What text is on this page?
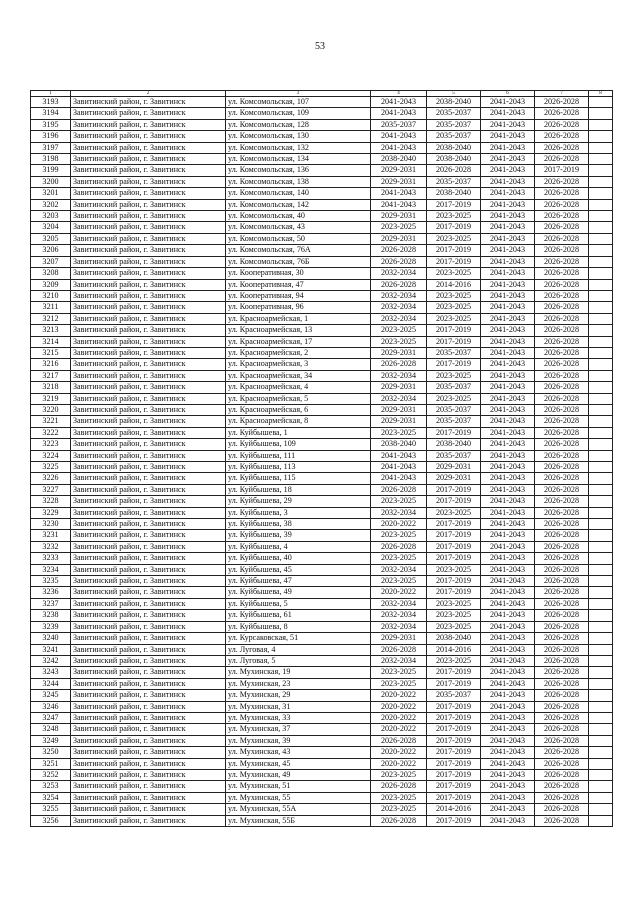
53
1	2	3	4	5	6	7	8
3193	Завитинский район, г. Завитинск	ул. Комсомольская, 107	2041-2043	2038-2040	2041-2043	2026-2028	
3194	Завитинский район, г. Завитинск	ул. Комсомольская, 109	2041-2043	2035-2037	2041-2043	2026-2028	
3195	Завитинский район, г. Завитинск	ул. Комсомольская, 128	2035-2037	2035-2037	2041-2043	2026-2028	
3196	Завитинский район, г. Завитинск	ул. Комсомольская, 130	2041-2043	2035-2037	2041-2043	2026-2028	
3197	Завитинский район, г. Завитинск	ул. Комсомольская, 132	2041-2043	2038-2040	2041-2043	2026-2028	
3198	Завитинский район, г. Завитинск	ул. Комсомольская, 134	2038-2040	2038-2040	2041-2043	2026-2028	
3199	Завитинский район, г. Завитинск	ул. Комсомольская, 136	2029-2031	2026-2028	2041-2043	2017-2019	
3200	Завитинский район, г. Завитинск	ул. Комсомольская, 138	2029-2031	2035-2037	2041-2043	2026-2028	
3201	Завитинский район, г. Завитинск	ул. Комсомольская, 140	2041-2043	2038-2040	2041-2043	2026-2028	
3202	Завитинский район, г. Завитинск	ул. Комсомольская, 142	2041-2043	2017-2019	2041-2043	2026-2028	
3203	Завитинский район, г. Завитинск	ул. Комсомольская, 40	2029-2031	2023-2025	2041-2043	2026-2028	
3204	Завитинский район, г. Завитинск	ул. Комсомольская, 43	2023-2025	2017-2019	2041-2043	2026-2028	
3205	Завитинский район, г. Завитинск	ул. Комсомольская, 50	2029-2031	2023-2025	2041-2043	2026-2028	
3206	Завитинский район, г. Завитинск	ул. Комсомольская, 76А	2026-2028	2017-2019	2041-2043	2026-2028	
3207	Завитинский район, г. Завитинск	ул. Комсомольская, 76Б	2026-2028	2017-2019	2041-2043	2026-2028	
3208	Завитинский район, г. Завитинск	ул. Кооперативная, 30	2032-2034	2023-2025	2041-2043	2026-2028	
3209	Завитинский район, г. Завитинск	ул. Кооперативная, 47	2026-2028	2014-2016	2041-2043	2026-2028	
3210	Завитинский район, г. Завитинск	ул. Кооперативная, 94	2032-2034	2023-2025	2041-2043	2026-2028	
3211	Завитинский район, г. Завитинск	ул. Кооперативная, 96	2032-2034	2023-2025	2041-2043	2026-2028	
3212	Завитинский район, г. Завитинск	ул. Красноармейская, 1	2032-2034	2023-2025	2041-2043	2026-2028	
3213	Завитинский район, г. Завитинск	ул. Красноармейская, 13	2023-2025	2017-2019	2041-2043	2026-2028	
3214	Завитинский район, г. Завитинск	ул. Красноармейская, 17	2023-2025	2017-2019	2041-2043	2026-2028	
3215	Завитинский район, г. Завитинск	ул. Красноармейская, 2	2029-2031	2035-2037	2041-2043	2026-2028	
3216	Завитинский район, г. Завитинск	ул. Красноармейская, 3	2026-2028	2017-2019	2041-2043	2026-2028	
3217	Завитинский район, г. Завитинск	ул. Красноармейская, 34	2032-2034	2023-2025	2041-2043	2026-2028	
3218	Завитинский район, г. Завитинск	ул. Красноармейская, 4	2029-2031	2035-2037	2041-2043	2026-2028	
3219	Завитинский район, г. Завитинск	ул. Красноармейская, 5	2032-2034	2023-2025	2041-2043	2026-2028	
3220	Завитинский район, г. Завитинск	ул. Красноармейская, 6	2029-2031	2035-2037	2041-2043	2026-2028	
3221	Завитинский район, г. Завитинск	ул. Красноармейская, 8	2029-2031	2035-2037	2041-2043	2026-2028	
3222	Завитинский район, г. Завитинск	ул. Куйбышева, 1	2023-2025	2017-2019	2041-2043	2026-2028	
3223	Завитинский район, г. Завитинск	ул. Куйбышева, 109	2038-2040	2038-2040	2041-2043	2026-2028	
3224	Завитинский район, г. Завитинск	ул. Куйбышева, 111	2041-2043	2035-2037	2041-2043	2026-2028	
3225	Завитинский район, г. Завитинск	ул. Куйбышева, 113	2041-2043	2029-2031	2041-2043	2026-2028	
3226	Завитинский район, г. Завитинск	ул. Куйбышева, 115	2041-2043	2029-2031	2041-2043	2026-2028	
3227	Завитинский район, г. Завитинск	ул. Куйбышева, 18	2026-2028	2017-2019	2041-2043	2026-2028	
3228	Завитинский район, г. Завитинск	ул. Куйбышева, 29	2023-2025	2017-2019	2041-2043	2026-2028	
3229	Завитинский район, г. Завитинск	ул. Куйбышева, 3	2032-2034	2023-2025	2041-2043	2026-2028	
3230	Завитинский район, г. Завитинск	ул. Куйбышева, 38	2020-2022	2017-2019	2041-2043	2026-2028	
3231	Завитинский район, г. Завитинск	ул. Куйбышева, 39	2023-2025	2017-2019	2041-2043	2026-2028	
3232	Завитинский район, г. Завитинск	ул. Куйбышева, 4	2026-2028	2017-2019	2041-2043	2026-2028	
3233	Завитинский район, г. Завитинск	ул. Куйбышева, 40	2023-2025	2017-2019	2041-2043	2026-2028	
3234	Завитинский район, г. Завитинск	ул. Куйбышева, 45	2032-2034	2023-2025	2041-2043	2026-2028	
3235	Завитинский район, г. Завитинск	ул. Куйбышева, 47	2023-2025	2017-2019	2041-2043	2026-2028	
3236	Завитинский район, г. Завитинск	ул. Куйбышева, 49	2020-2022	2017-2019	2041-2043	2026-2028	
3237	Завитинский район, г. Завитинск	ул. Куйбышева, 5	2032-2034	2023-2025	2041-2043	2026-2028	
3238	Завитинский район, г. Завитинск	ул. Куйбышева, 61	2032-2034	2023-2025	2041-2043	2026-2028	
3239	Завитинский район, г. Завитинск	ул. Куйбышева, 8	2032-2034	2023-2025	2041-2043	2026-2028	
3240	Завитинский район, г. Завитинск	ул. Курсаковская, 51	2029-2031	2038-2040	2041-2043	2026-2028	
3241	Завитинский район, г. Завитинск	ул. Луговая, 4	2026-2028	2014-2016	2041-2043	2026-2028	
3242	Завитинский район, г. Завитинск	ул. Луговая, 5	2032-2034	2023-2025	2041-2043	2026-2028	
3243	Завитинский район, г. Завитинск	ул. Мухинская, 19	2023-2025	2017-2019	2041-2043	2026-2028	
3244	Завитинский район, г. Завитинск	ул. Мухинская, 23	2023-2025	2017-2019	2041-2043	2026-2028	
3245	Завитинский район, г. Завитинск	ул. Мухинская, 29	2020-2022	2035-2037	2041-2043	2026-2028	
3246	Завитинский район, г. Завитинск	ул. Мухинская, 31	2020-2022	2017-2019	2041-2043	2026-2028	
3247	Завитинский район, г. Завитинск	ул. Мухинская, 33	2020-2022	2017-2019	2041-2043	2026-2028	
3248	Завитинский район, г. Завитинск	ул. Мухинская, 37	2020-2022	2017-2019	2041-2043	2026-2028	
3249	Завитинский район, г. Завитинск	ул. Мухинская, 39	2026-2028	2017-2019	2041-2043	2026-2028	
3250	Завитинский район, г. Завитинск	ул. Мухинская, 43	2020-2022	2017-2019	2041-2043	2026-2028	
3251	Завитинский район, г. Завитинск	ул. Мухинская, 45	2020-2022	2017-2019	2041-2043	2026-2028	
3252	Завитинский район, г. Завитинск	ул. Мухинская, 49	2023-2025	2017-2019	2041-2043	2026-2028	
3253	Завитинский район, г. Завитинск	ул. Мухинская, 51	2026-2028	2017-2019	2041-2043	2026-2028	
3254	Завитинский район, г. Завитинск	ул. Мухинская, 55	2023-2025	2017-2019	2041-2043	2026-2028	
3255	Завитинский район, г. Завитинск	ул. Мухинская, 55А	2023-2025	2014-2016	2041-2043	2026-2028	
3256	Завитинский район, г. Завитинск	ул. Мухинская, 55Б	2026-2028	2017-2019	2041-2043	2026-2028	
